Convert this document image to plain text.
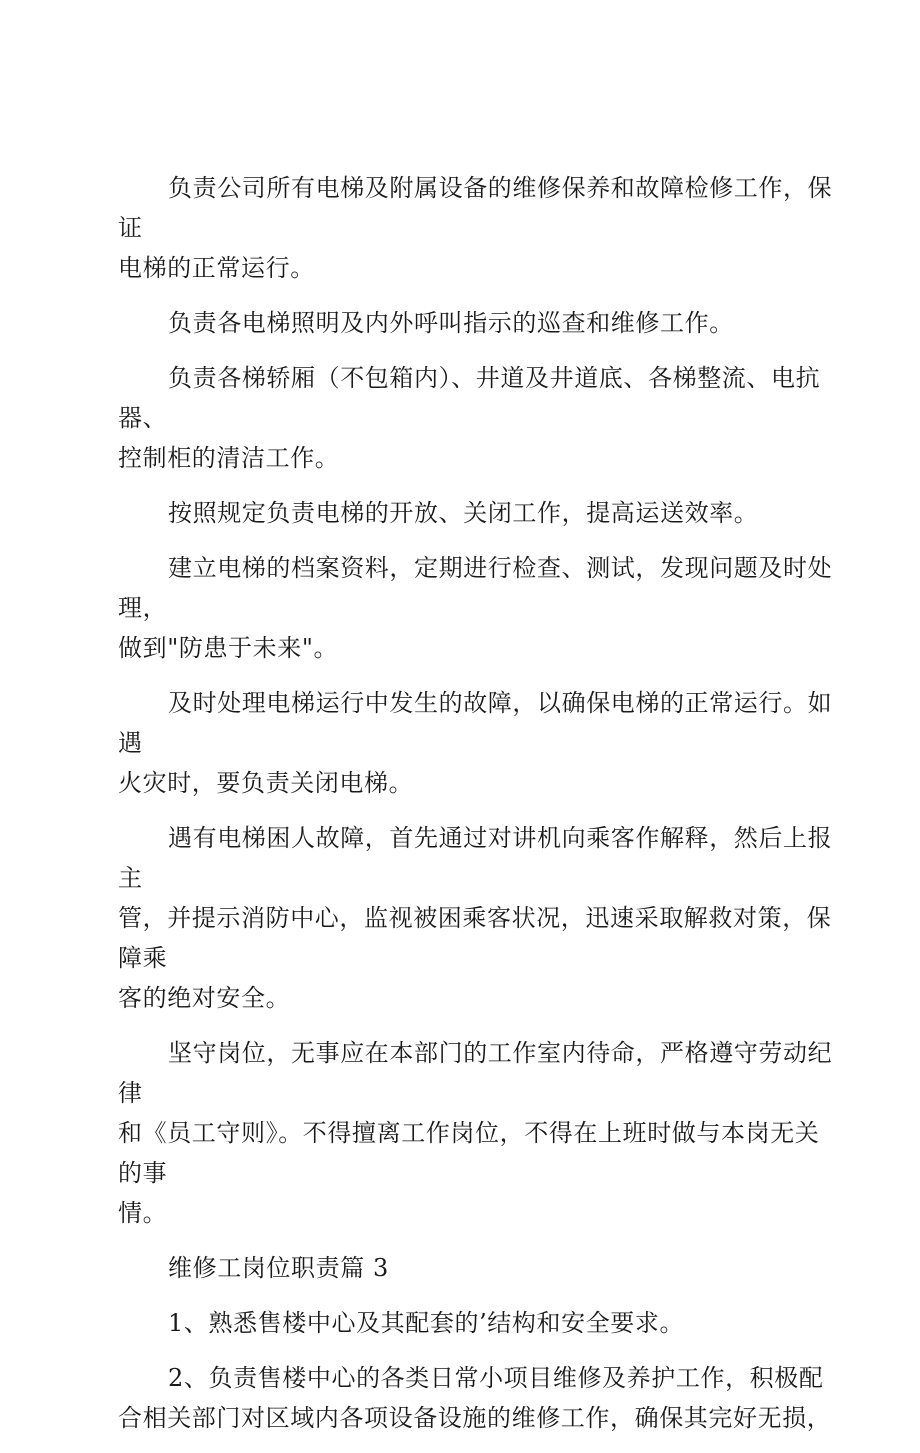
负责公司所有电梯及附属设备的维修保养和故障检修工作，保证
电梯的正常运行。

负责各电梯照明及内外呼叫指示的巡查和维修工作。

负责各梯轿厢（不包箱内）、井道及井道底、各梯整流、电抗器、
控制柜的清洁工作。

按照规定负责电梯的开放、关闭工作，提高运送效率。

建立电梯的档案资料，定期进行检查、测试，发现问题及时处理，
做到"防患于未来"。

及时处理电梯运行中发生的故障，以确保电梯的正常运行。如遇
火灾时，要负责关闭电梯。

遇有电梯困人故障，首先通过对讲机向乘客作解释，然后上报主
管，并提示消防中心，监视被困乘客状况，迅速采取解救对策，保障乘
客的绝对安全。

坚守岗位，无事应在本部门的工作室内待命，严格遵守劳动纪律
和《员工守则》。不得擅离工作岗位，不得在上班时做与本岗无关的事
情。

维修工岗位职责篇 3

1、熟悉售楼中心及其配套的’结构和安全要求。

2、负责售楼中心的各类日常小项目维修及养护工作，积极配
合相关部门对区域内各项设备设施的维修工作，确保其完好无损，
